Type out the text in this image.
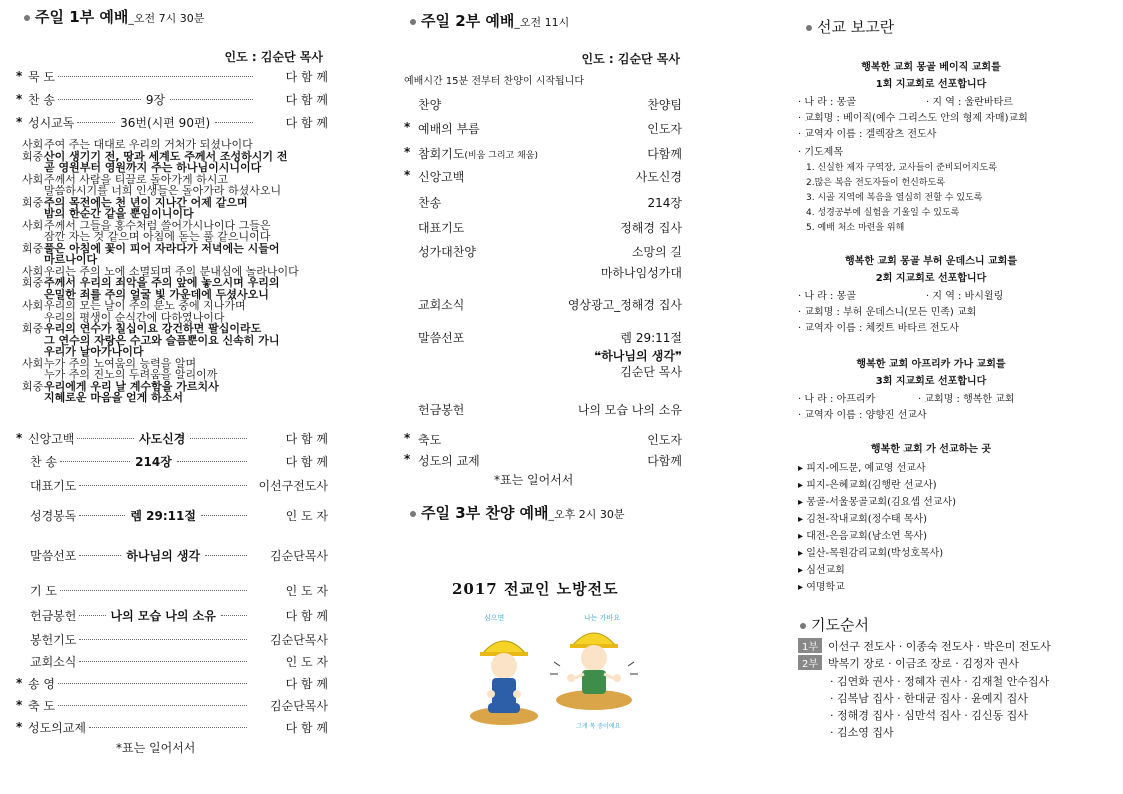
주일 1부 예배_오전 7시 30분
인도 : 김순단 목사
* 묵 도	다 함 께
* 찬 송	9장	다 함 께
* 성시교독	36번(시편 90편)	다 함 께
사회 주여 주는 대대로 우리의 거처가 되셨나이다
회중 산이 생기기 전, 땅과 세계도 주께서 조성하시기 전
곧 영원부터 영원까지 주는 하나님이시니이다
사회 주께서 사람을 티끌로 돌아가게 하시고
말씀하시기를 너희 인생들은 돌아가라 하셨사오니
회중 주의 목전에는 천 년이 지나간 어제 같으며
밤의 한순간 같을 뿐임이니이다
사회 주께서 그들을 홍수처럼 쓸어가시나이다 그들은
잠깐 자는 것 같으며 아침에 돋는 풀 같으니이다
회중 풀은 아침에 꽃이 피어 자라다가 저녁에는 시들어
마르나이다
사회 우리는 주의 노에 소멸되며 주의 분내심에 놀라나이다
회중 주께서 우리의 죄악을 주의 앞에 놓으시며 우리의
은밀한 죄를 주의 얼굴 빛 가운데에 두셨사오니
사회 우리의 모든 날이 주의 분노 중에 지나가며
우리의 평생이 순식간에 다하였나이다
회중 우리의 연수가 칠십이요 강건하면 팔십이라도
그 연수의 자랑은 수고와 슬픔뿐이요 신속히 가니
우리가 날아가나이다
사회 누가 주의 노여움의 능력을 알며
누가 주의 진노의 두려움을 알리이까
회중 우리에게 우리 날 계수함을 가르치사
지혜로운 마음을 얻게 하소서
* 신앙고백	사도신경	다 함 께
찬 송	214장	다 함 께
대표기도	이선구전도사
성경봉독	렘 29:11절	인 도 자
말씀선포	하나님의 생각	김순단목사
기 도	인 도 자
헌금봉헌	나의 모습 나의 소유	다 함 께
봉헌기도	김순단목사
교회소식	인 도 자
* 송 영	다 함 께
* 축 도	김순단목사
* 성도의교제	다 함 께
*표는 일어서서
주일 2부 예배_오전 11시
인도 : 김순단 목사
예배시간 15분 전부터 찬양이 시작됩니다
찬양	찬양팀
* 예배의 부름	인도자
* 참회기도(비움 그리고 채움)	다함께
* 신앙고백	사도신경
찬송	214장
대표기도	정해경 집사
성가대찬양	소망의 길
마하나임성가대
교회소식	영상광고_정해경 집사
말씀선포	렘 29:11절
❝하나님의 생각❞
김순단 목사
헌금봉헌	나의 모습 나의 소유
* 축도	인도자
* 성도의 교제	다함께
*표는 일어서서
주일 3부 찬양 예배_오후 2시 30분
2017 전교인 노방전도
심으면	나는 가바요
그게 목 중이에요
선교 보고란
행복한 교회 몽골 베이직 교회를
1회 지교회로 선포합니다
· 나 라 : 몽골	· 지 역 : 울란바타르
· 교회명 : 베이직(예수 그리스도 안의 형제 자매)교회
· 교역자 이름 : 겔렉잠츠 전도사
· 기도제목
1. 신실한 제자 구역장, 교사들이 준비되어지도록
2.많은 복음 전도자들이 헌신하도록
3. 시골 지역에 복음을 열심히 전할 수 있도록
4. 성경공부에 실험을 기울일 수 있도록
5. 예배 처소 마련을 위해
행복한 교회 몽골 부허 운데스니 교회를
2회 지교회로 선포합니다
· 나 라 : 몽골	· 지 역 : 바시윌링
· 교회명 : 부허 운데스니(모든 민족) 교회
· 교역자 이름 : 체컷트 바타르 전도사
행복한 교회 아프리카 가나 교회를
3회 지교회로 선포합니다
· 나 라 : 아프리카	· 교회명 : 행복한 교회
· 교역자 이름 : 양향진 선교사
행복한 교회 가 선교하는 곳
▸ 피지-에드문, 예교영 선교사
▸ 피지-은혜교회(김행란 선교사)
▸ 몽골-서울몽골교회(김요셉 선교사)
▸ 김천-작내교회(정수태 목사)
▸ 대전-은음교회(남소연 목사)
▸ 일산-목원감리교회(박성호목사)
▸ 심선교회
▸ 여명학교
기도순서
1부 이선구 전도사 · 이종숙 전도사 · 박은미 전도사
2부 박복기 장로 · 이금조 장로 · 김정자 권사
· 김연화 권사 · 정혜자 권사 · 김재철 안수집사
· 김복남 집사 · 한대균 집사 · 윤예지 집사
· 정해경 집사 · 심만석 집사 · 김신동 집사
· 김소영 집사
